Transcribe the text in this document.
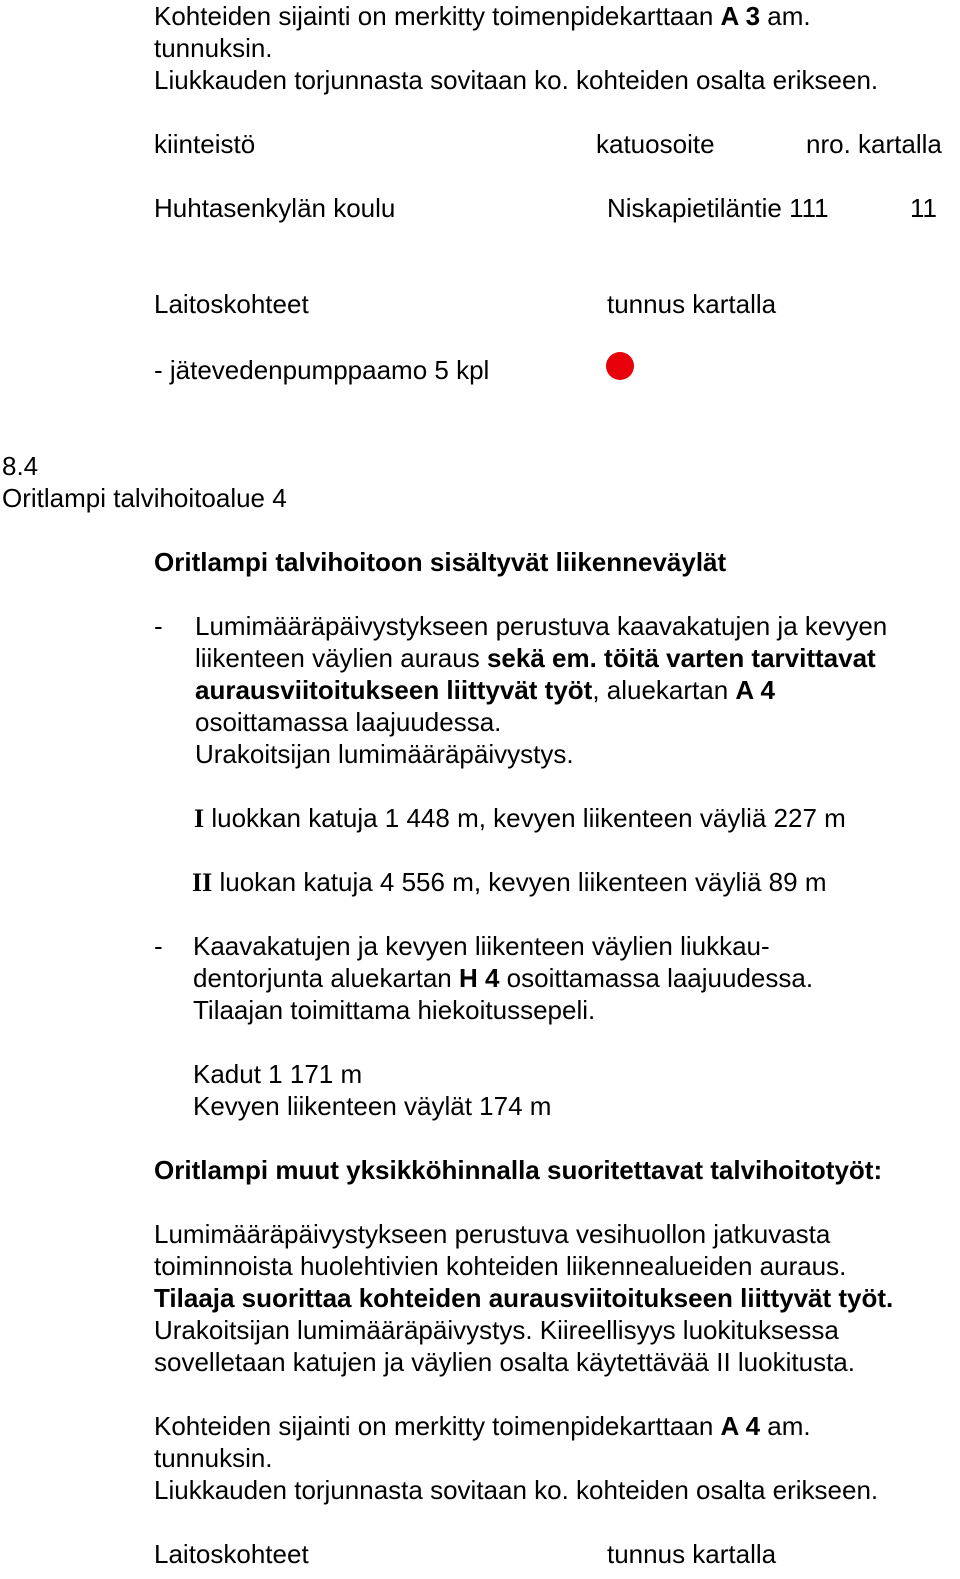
Kohteiden sijainti on merkitty toimenpidekarttaan A 3 am.
tunnuksin.
Liukkauden torjunnasta sovitaan ko. kohteiden osalta erikseen.
kiinteistö	katuosoite	nro. kartalla
Huhtasenkylän koulu	Niskapietiläntie 111	11
Laitoskohteet	tunnus kartalla
- jätevedenpumppaamo 5 kpl
8.4
Oritlampi talvihoitoalue 4
Oritlampi talvihoitoon sisältyvät liikenneväylät
- Lumimääräpäivystykseen perustuva kaavakatujen ja kevyen
liikenteen väylien auraus sekä em. töitä varten tarvittavat
aurausviitoitukseen liittyvät työt, aluekartan A 4
osoittamassa laajuudessa.
Urakoitsijan lumimääräpäivystys.
I luokkan katuja 1 448 m, kevyen liikenteen väyliä 227 m
II luokan katuja 4 556 m, kevyen liikenteen väyliä 89 m
- Kaavakatujen ja kevyen liikenteen väylien liukkau-
dentorjunta aluekartan H 4 osoittamassa laajuudessa.
Tilaajan toimittama hiekoitussepeli.
Kadut 1 171 m
Kevyen liikenteen väylät 174 m
Oritlampi muut yksikköhinnalla suoritettavat talvihoitotyöt:
Lumimääräpäivystykseen perustuva vesihuollon jatkuvasta
toiminnoista huolehtivien kohteiden liikennealueiden auraus.
Tilaaja suorittaa kohteiden aurausviitoitukseen liittyvät työt.
Urakoitsijan lumimääräpäivystys. Kiireellisyys luokituksessa
sovelletaan katujen ja väylien osalta käytettävää II luokitusta.
Kohteiden sijainti on merkitty toimenpidekarttaan A 4 am.
tunnuksin.
Liukkauden torjunnasta sovitaan ko. kohteiden osalta erikseen.
Laitoskohteet	tunnus kartalla
